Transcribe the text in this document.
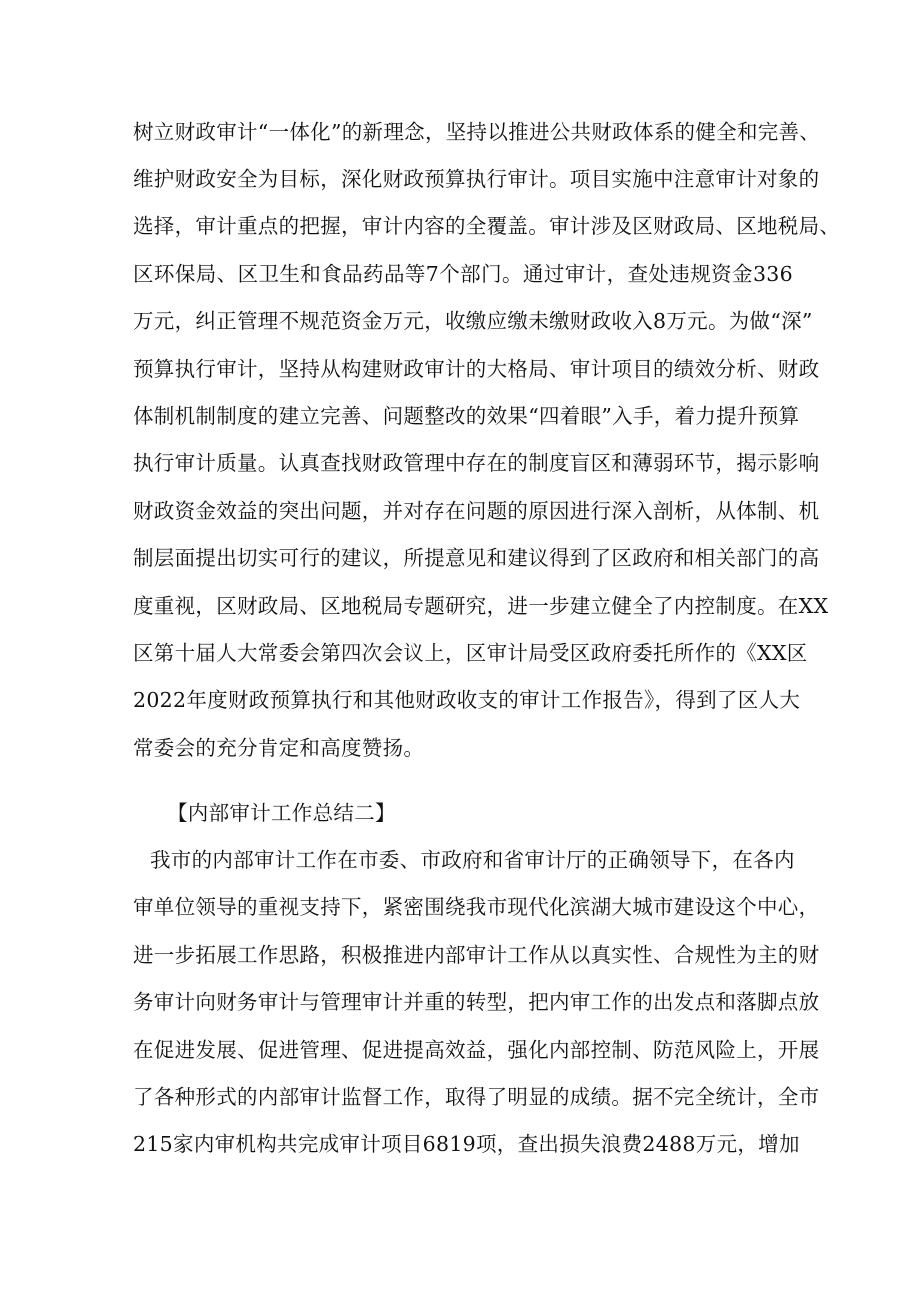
树立财政审计“一体化”的新理念，坚持以推进公共财政体系的健全和完善、
维护财政安全为目标，深化财政预算执行审计。项目实施中注意审计对象的
选择，审计重点的把握，审计内容的全覆盖。审计涉及区财政局、区地税局、
区环保局、区卫生和食品药品等7个部门。通过审计，查处违规资金336
万元，纠正管理不规范资金万元，收缴应缴未缴财政收入8万元。为做“深”
预算执行审计，坚持从构建财政审计的大格局、审计项目的绩效分析、财政
体制机制制度的建立完善、问题整改的效果“四着眼”入手，着力提升预算
执行审计质量。认真查找财政管理中存在的制度盲区和薄弱环节，揭示影响
财政资金效益的突出问题，并对存在问题的原因进行深入剖析，从体制、机
制层面提出切实可行的建议，所提意见和建议得到了区政府和相关部门的高
度重视，区财政局、区地税局专题研究，进一步建立健全了内控制度。在XX
区第十届人大常委会第四次会议上，区审计局受区政府委托所作的《XX区
2022年度财政预算执行和其他财政收支的审计工作报告》，得到了区人大
常委会的充分肯定和高度赞扬。
【内部审计工作总结二】
我市的内部审计工作在市委、市政府和省审计厅的正确领导下，在各内
审单位领导的重视支持下，紧密围绕我市现代化滨湖大城市建设这个中心，
进一步拓展工作思路，积极推进内部审计工作从以真实性、合规性为主的财
务审计向财务审计与管理审计并重的转型，把内审工作的出发点和落脚点放
在促进发展、促进管理、促进提高效益，强化内部控制、防范风险上，开展
了各种形式的内部审计监督工作，取得了明显的成绩。据不完全统计，全市
215家内审机构共完成审计项目6819项，查出损失浪费2488万元，增加
